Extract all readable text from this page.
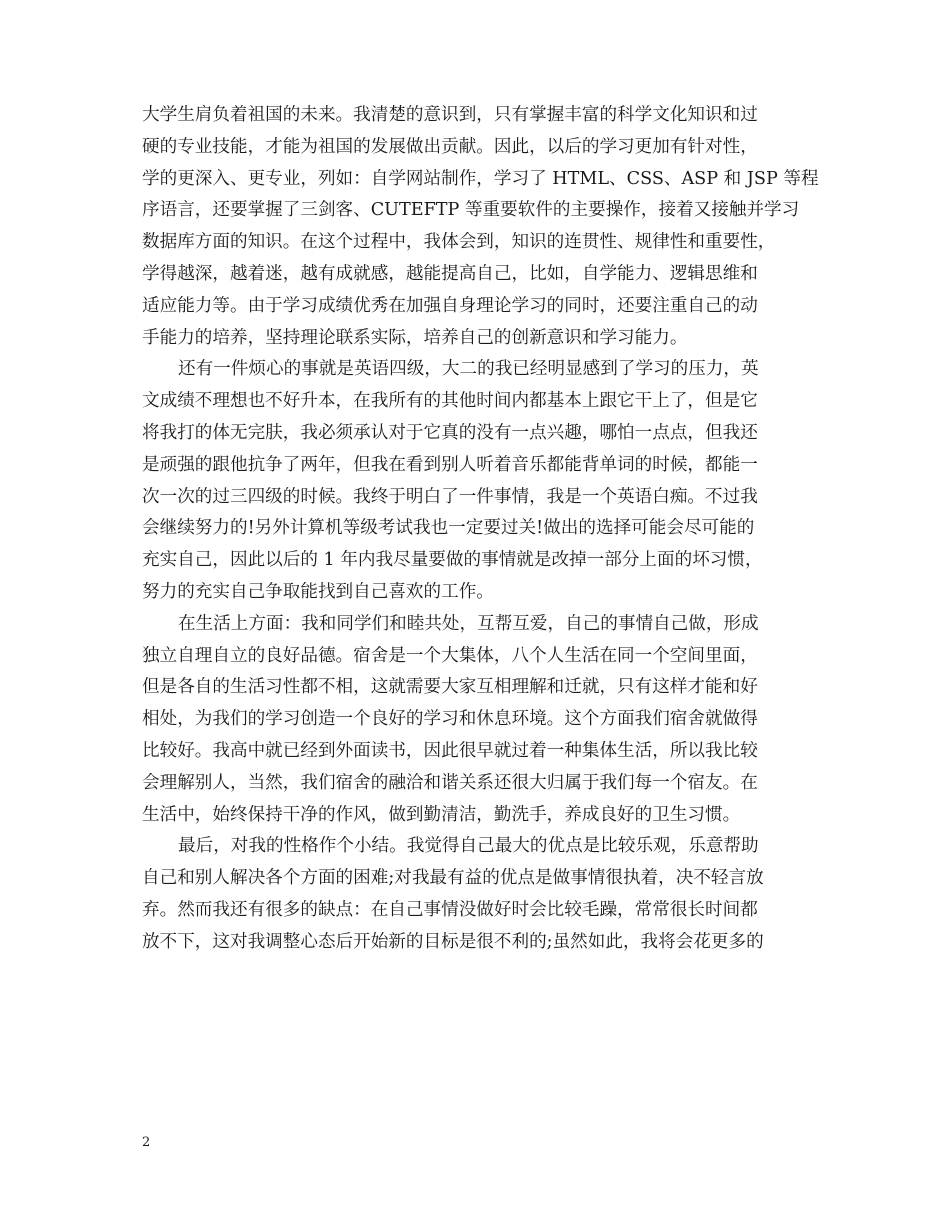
大学生肩负着祖国的未来。我清楚的意识到，只有掌握丰富的科学文化知识和过
硬的专业技能，才能为祖国的发展做出贡献。因此，以后的学习更加有针对性，
学的更深入、更专业，列如：自学网站制作，学习了 HTML、CSS、ASP 和 JSP 等程
序语言，还要掌握了三剑客、CUTEFTP 等重要软件的主要操作，接着又接触并学习
数据库方面的知识。在这个过程中，我体会到，知识的连贯性、规律性和重要性，
学得越深，越着迷，越有成就感，越能提高自己，比如，自学能力、逻辑思维和
适应能力等。由于学习成绩优秀在加强自身理论学习的同时，还要注重自己的动
手能力的培养，坚持理论联系实际，培养自己的创新意识和学习能力。
还有一件烦心的事就是英语四级，大二的我已经明显感到了学习的压力，英
文成绩不理想也不好升本，在我所有的其他时间内都基本上跟它干上了，但是它
将我打的体无完肤，我必须承认对于它真的没有一点兴趣，哪怕一点点，但我还
是顽强的跟他抗争了两年，但我在看到别人听着音乐都能背单词的时候，都能一
次一次的过三四级的时候。我终于明白了一件事情，我是一个英语白痴。不过我
会继续努力的!另外计算机等级考试我也一定要过关!做出的选择可能会尽可能的
充实自己，因此以后的 1 年内我尽量要做的事情就是改掉一部分上面的坏习惯，
努力的充实自己争取能找到自己喜欢的工作。
在生活上方面：我和同学们和睦共处，互帮互爱，自己的事情自己做，形成
独立自理自立的良好品德。宿舍是一个大集体，八个人生活在同一个空间里面，
但是各自的生活习性都不相，这就需要大家互相理解和迁就，只有这样才能和好
相处，为我们的学习创造一个良好的学习和休息环境。这个方面我们宿舍就做得
比较好。我高中就已经到外面读书，因此很早就过着一种集体生活，所以我比较
会理解别人，当然，我们宿舍的融洽和谐关系还很大归属于我们每一个宿友。在
生活中，始终保持干净的作风，做到勤清洁，勤洗手，养成良好的卫生习惯。
最后，对我的性格作个小结。我觉得自己最大的优点是比较乐观，乐意帮助
自己和别人解决各个方面的困难;对我最有益的优点是做事情很执着，决不轻言放
弃。然而我还有很多的缺点：在自己事情没做好时会比较毛躁，常常很长时间都
放不下，这对我调整心态后开始新的目标是很不利的;虽然如此，我将会花更多的
2
